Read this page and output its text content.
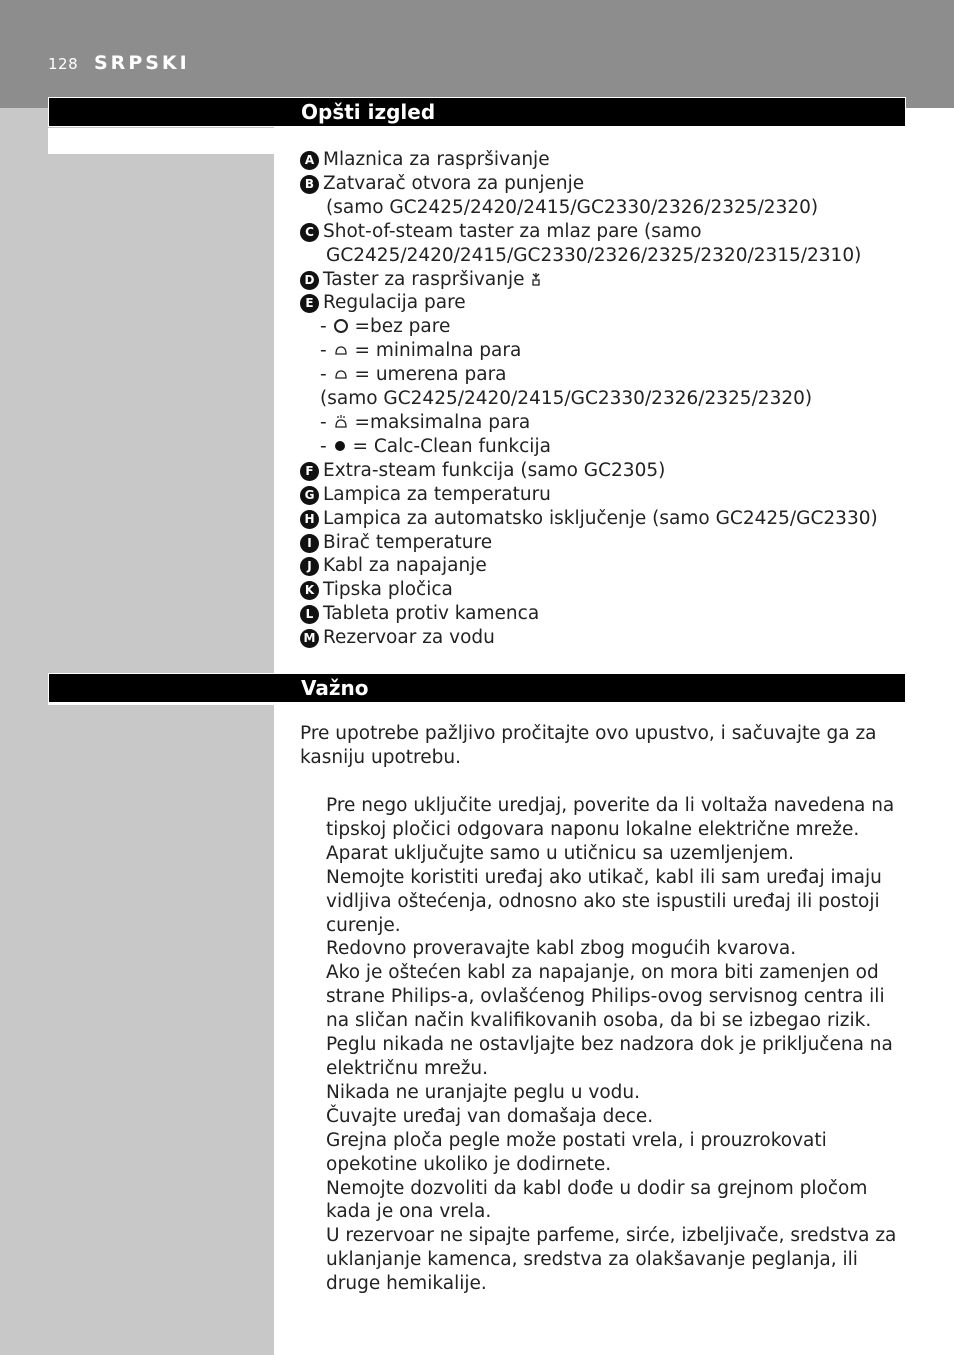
128 SRPSKI
Opšti izgled
A Mlaznica za raspršivanje
B Zatvarač otvora za punjenje
(samo GC2425/2420/2415/GC2330/2326/2325/2320)
C Shot-of-steam taster za mlaz pare (samo
GC2425/2420/2415/GC2330/2326/2325/2320/2315/2310)
D Taster za raspršivanje
E Regulacija pare
-  =bez pare
-  = minimalna para
-  = umerena para
(samo GC2425/2420/2415/GC2330/2326/2325/2320)
-  =maksimalna para
-  = Calc-Clean funkcija
F Extra-steam funkcija (samo GC2305)
G Lampica za temperaturu
H Lampica za automatsko isključenje (samo GC2425/GC2330)
I Birač temperature
J Kabl za napajanje
K Tipska pločica
L Tableta protiv kamenca
M Rezervoar za vodu
Važno

Pre upotrebe pažljivo pročitajte ovo upustvo, i sačuvajte ga za kasniju upotrebu.

Pre nego uključite uredjaj, poverite da li voltaža navedena na tipskoj pločici odgovara naponu lokalne električne mreže.
Aparat uključujte samo u utičnicu sa uzemljenjem.
Nemojte koristiti uređaj ako utikač, kabl ili sam uređaj imaju vidljiva oštećenja, odnosno ako ste ispustili uređaj ili postoji curenje.
Redovno proveravajte kabl zbog mogućih kvarova.
Ako je oštećen kabl za napajanje, on mora biti zamenjen od strane Philips-a, ovlašćenog Philips-ovog servisnog centra ili na sličan način kvalifikovanih osoba, da bi se izbegao rizik.
Peglu nikada ne ostavljajte bez nadzora dok je priključena na električnu mrežu.
Nikada ne uranjajte peglu u vodu.
Čuvajte uređaj van domašaja dece.
Grejna ploča pegle može postati vrela, i prouzrokovati opekotine ukoliko je dodirnete.
Nemojte dozvoliti da kabl dođe u dodir sa grejnom pločom kada je ona vrela.
U rezervoar ne sipajte parfeme, sirće, izbeljivače, sredstva za uklanjanje kamenca, sredstva za olakšavanje peglanja, ili druge hemikalije.
